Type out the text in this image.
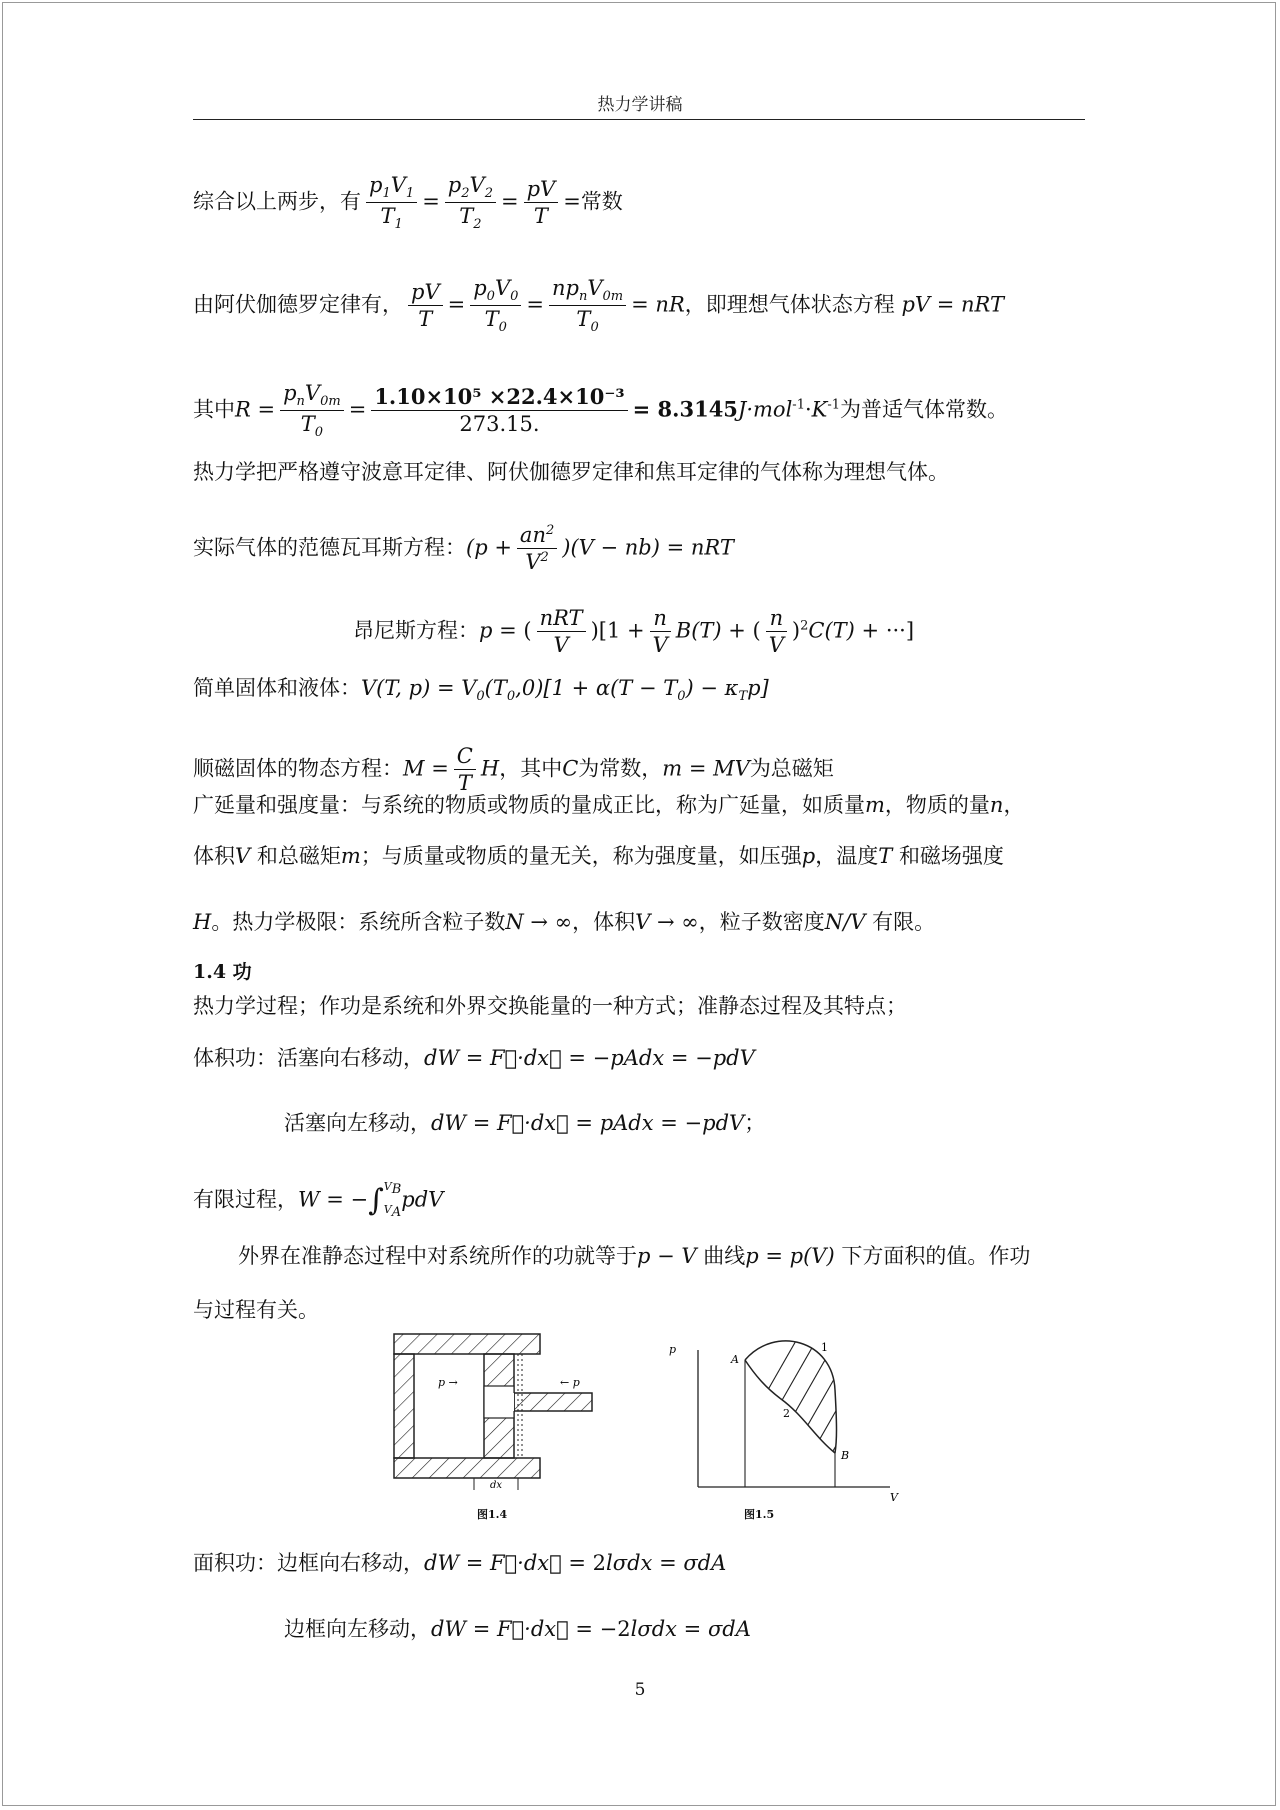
热力学讲稿
综合以上两步，有 $\frac{p_1V_1}{T_1} = \frac{p_2V_2}{T_2} = \frac{pV}{T}$ =常数
由阿伏伽德罗定律有， $\frac{pV}{T} = \frac{p_0V_0}{T_0} = \frac{np_nV_{0m}}{T_0}$ = nR，即理想气体状态方程 pV = nRT
其中$R = \frac{p_nV_{0m}}{T_0} = \frac{\text{1.10×10⁵ ×22.4×10⁻³}}{273.15.} = 8.3145J\cdot mol^{-1}\cdot K^{-1}$为普适气体常数。
热力学把严格遵守波意耳定律、阿伏伽德罗定律和焦耳定律的气体称为理想气体。
实际气体的范德瓦耳斯方程：$(p + \frac{an^2}{V^2} )(V - nb)$ = nRT
昂尼斯方程：p = ( $\frac{\text{nRT}}{V} )[1 + \frac{n}{V} B(T)$ + ( $\frac{n}{V} )^2C(T)$ + ···]
简单固体和液体：V(T, $p) = V_0(T_0,0)[1 + \alpha(T - T_0) - \kappa_Tp]$
顺磁固体的物态方程：$M = \frac{C}{T}$ H，其中C为常数，m = MV为总磁矩
广延量和强度量：与系统的物质或物质的量成正比，称为广延量，如质量m，物质的量n，
体积V 和总磁矩m；与质量或物质的量无关，称为强度量，如压强p，温度T 和磁场强度
H。热力学极限：系统所含粒子数N → ∞，体积V → ∞，粒子数密度N/V 有限。
1.4 功
热力学过程；作功是系统和外界交换能量的一种方式；准静态过程及其特点；
体积功：活塞向右移动，dW = F⃗·dx⃗ = −pAdx = −pdV
活塞向左移动，dW = F⃗·dx⃗ = pAdx = −pdV；
有限过程，W = −∫ $V_B$
$V_A$
pdV
外界在准静态过程中对系统所作的功就等于p − V 曲线p = p(V) 下方面积的值。作功
与过程有关。
p →	← p
dx
图1.4
p
V
A
B
1
2
图1.5
面积功：边框向右移动，dW = F⃗·dx⃗ = 2lσdx = σdA
边框向左移动，dW = F⃗·dx⃗ = −2lσdx = σdA
5
